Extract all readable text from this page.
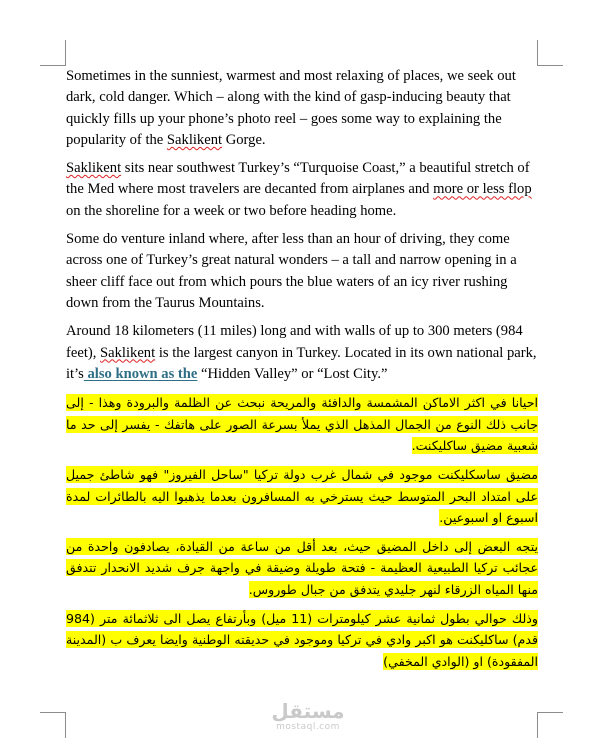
Sometimes in the sunniest, warmest and most relaxing of places, we seek out dark, cold danger. Which – along with the kind of gasp-inducing beauty that quickly fills up your phone’s photo reel – goes some way to explaining the popularity of the Saklikent Gorge.

Saklikent sits near southwest Turkey’s “Turquoise Coast,” a beautiful stretch of the Med where most travelers are decanted from airplanes and more or less flop on the shoreline for a week or two before heading home.

Some do venture inland where, after less than an hour of driving, they come across one of Turkey’s great natural wonders – a tall and narrow opening in a sheer cliff face out from which pours the blue waters of an icy river rushing down from the Taurus Mountains.

Around 18 kilometers (11 miles) long and with walls of up to 300 meters (984 feet), Saklikent is the largest canyon in Turkey. Located in its own national park, it’s also known as the “Hidden Valley” or “Lost City.”

احيانا في اكثر الاماكن المشمسة والدافئة والمريحة نبحث عن الظلمة والبرودة وهذا - إلى جانب ذلك النوع من الجمال المذهل الذي يملأ بسرعة الصور على هاتفك - يفسر إلى حد ما شعبية مضيق ساكليكنت.

مضيق ساسكليكنت موجود في شمال غرب دولة تركيا "ساحل الفيروز" فهو شاطئ جميل على امتداد البحر المتوسط حيث يسترخي به المسافرون بعدما يذهبوا اليه بالطائرات لمدة اسبوع او اسبوعين.

يتجه البعض إلى داخل المضيق حيث، بعد أقل من ساعة من القيادة، يصادفون واحدة من عجائب تركيا الطبيعية العظيمة - فتحة طويلة وضيقة في واجهة جرف شديد الانحدار تتدفق منها المياه الزرقاء لنهر جليدي يتدفق من جبال طوروس.

وذلك حوالي بطول ثمانية عشر كيلومترات (11 ميل) وبأرتفاع يصل الى ثلاثمائة متر (984 قدم) ساكليكنت هو اكبر وادي في تركيا وموجود في حديقته الوطنية وايضا يعرف ب (المدينة المفقودة) او (الوادي المخفي)

مستقل
mostaql.com
